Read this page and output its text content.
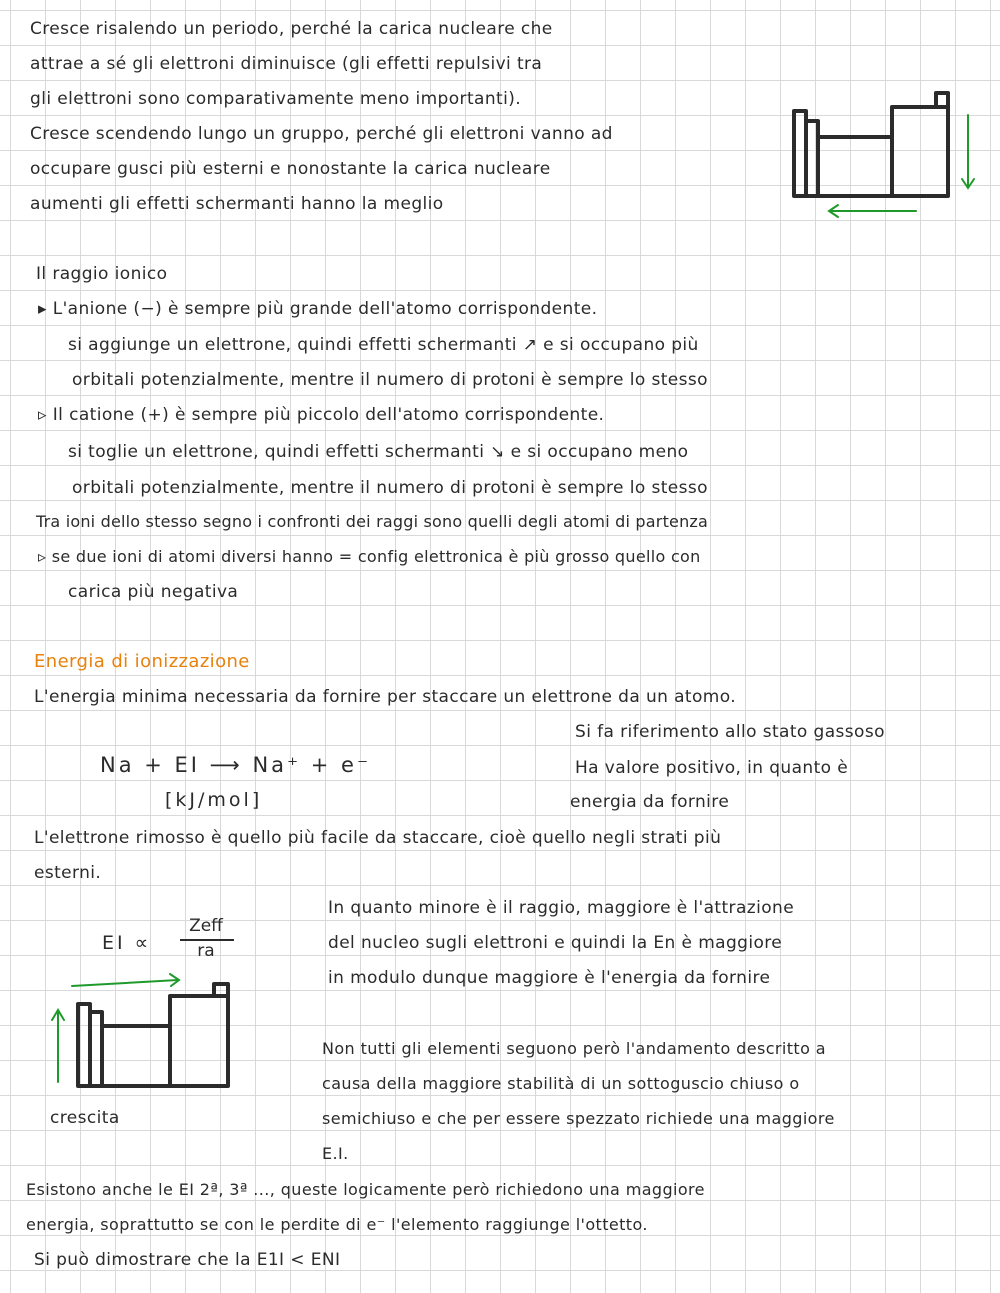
Cresce risalendo un periodo, perché la carica nucleare che
attrae a sé gli elettroni diminuisce (gli effetti repulsivi tra
gli elettroni sono comparativamente meno importanti).
Cresce scendendo lungo un gruppo, perché gli elettroni vanno ad
occupare gusci più esterni e nonostante la carica nucleare
aumenti gli effetti schermanti hanno la meglio
Il raggio ionico
▸ L'anione (−) è sempre più grande dell'atomo corrispondente.
si aggiunge un elettrone, quindi effetti schermanti ↗ e si occupano più
orbitali potenzialmente, mentre il numero di protoni è sempre lo stesso
▹ Il catione (+) è sempre più piccolo dell'atomo corrispondente.
si toglie un elettrone, quindi effetti schermanti ↘ e si occupano meno
orbitali potenzialmente, mentre il numero di protoni è sempre lo stesso
Tra ioni dello stesso segno i confronti dei raggi sono quelli degli atomi di partenza
▹ se due ioni di atomi diversi hanno = config elettronica è più grosso quello con
carica più negativa
Energia di ionizzazione
L'energia minima necessaria da fornire per staccare un elettrone da un atomo.
Na + EI ⟶ Na⁺ + e⁻
[kJ/mol]
Si fa riferimento allo stato gassoso
Ha valore positivo, in quanto è
energia da fornire
L'elettrone rimosso è quello più facile da staccare, cioè quello negli strati più
esterni.
EI ∝
Zeff
ra
crescita
In quanto minore è il raggio, maggiore è l'attrazione
del nucleo sugli elettroni e quindi la En è maggiore
in modulo dunque maggiore è l'energia da fornire
Non tutti gli elementi seguono però l'andamento descritto a
causa della maggiore stabilità di un sottoguscio chiuso o
semichiuso e che per essere spezzato richiede una maggiore
E.I.
Esistono anche le EI 2ª, 3ª ..., queste logicamente però richiedono una maggiore
energia, soprattutto se con le perdite di e⁻ l'elemento raggiunge l'ottetto.
Si può dimostrare che la E1I < ENI
